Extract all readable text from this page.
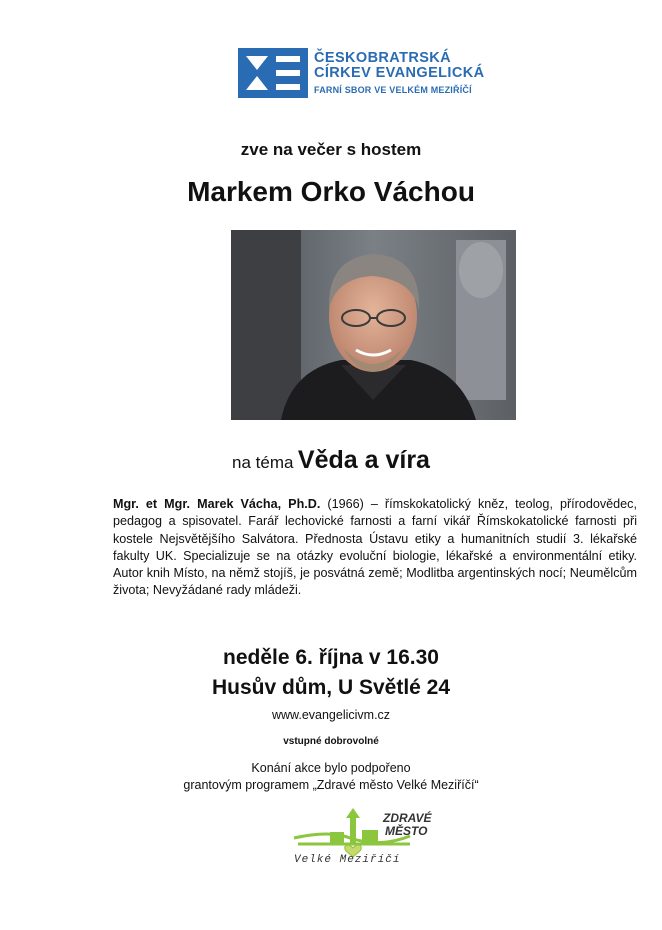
ČESKOBRATRSKÁ
CÍRKEV EVANGELICKÁ
FARNÍ SBOR VE VELKÉM MEZIŘÍČÍ
zve na večer s hostem
Markem Orko Váchou
na téma Věda a víra
Mgr. et Mgr. Marek Vácha, Ph.D. (1966) – římskokatolický kněz, teolog, přírodovědec, pedagog a spisovatel. Farář lechovické farnosti a farní vikář Římskokatolické farnosti při kostele Nejsvětějšího Salvátora. Přednosta Ústavu etiky a humanitních studií 3. lékařské fakulty UK. Specializuje se na otázky evoluční biologie, lékařské a environmentální etiky. Autor knih Místo, na němž stojíš, je posvátná země; Modlitba argentinských nocí; Neumělcům života; Nevyžádané rady mládeži.
neděle 6. října v 16.30
Husův dům, U Světlé 24
www.evangelicivm.cz
vstupné dobrovolné
Konání akce bylo podpořeno
grantovým programem „Zdravé město Velké Meziříčí“
ZDRAVÉ
MĚSTO
Velké Meziříčí
